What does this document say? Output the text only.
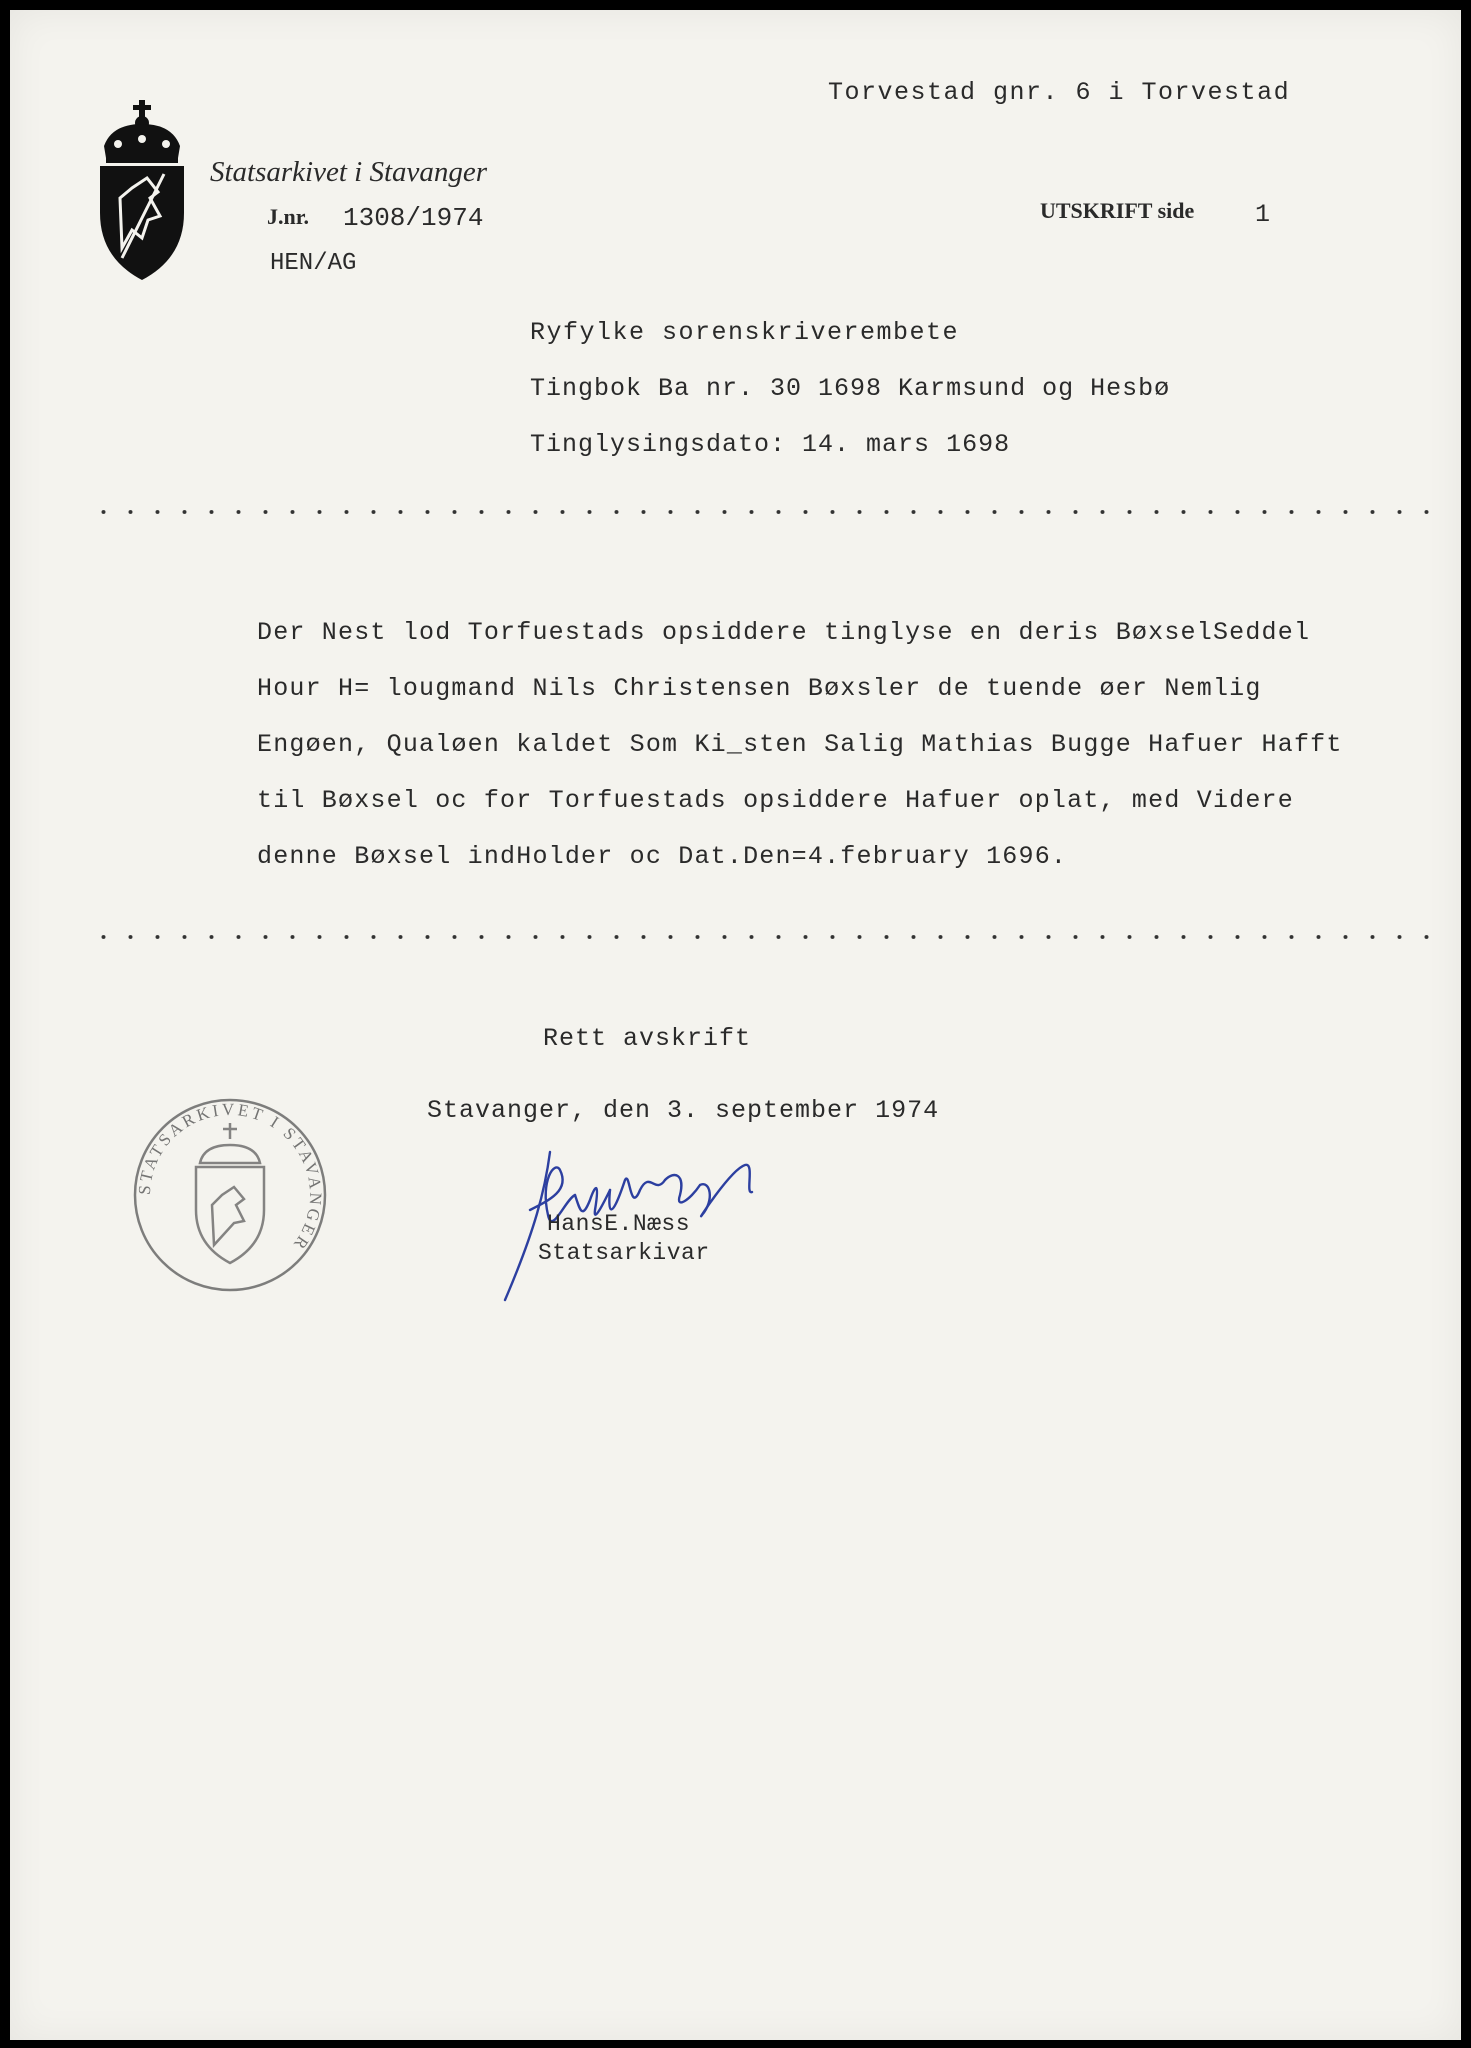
Torvestad gnr. 6 i Torvestad
Statsarkivet i Stavanger
J.nr. 1308/1974
HEN/AG
UTSKRIFT side 1
Ryfylke sorenskriverembete
Tingbok Ba nr. 30 1698 Karmsund og Hesbø
Tinglysingsdato: 14. mars 1698
Der Nest lod Torfuestads opsiddere tinglyse en deris BøxselSeddel
Hour H= lougmand Nils Christensen Bøxsler de tuende øer Nemlig
Engøen, Qualøen kaldet Som Ki_sten Salig Mathias Bugge Hafuer Hafft
til Bøxsel oc for Torfuestads opsiddere Hafuer oplat, med Videre
denne Bøxsel indHolder oc Dat.Den=4.february 1696.
Rett avskrift
Stavanger, den 3. september 1974
STATSARKIVET I STAVANGER
HansE.Næss
Statsarkivar
